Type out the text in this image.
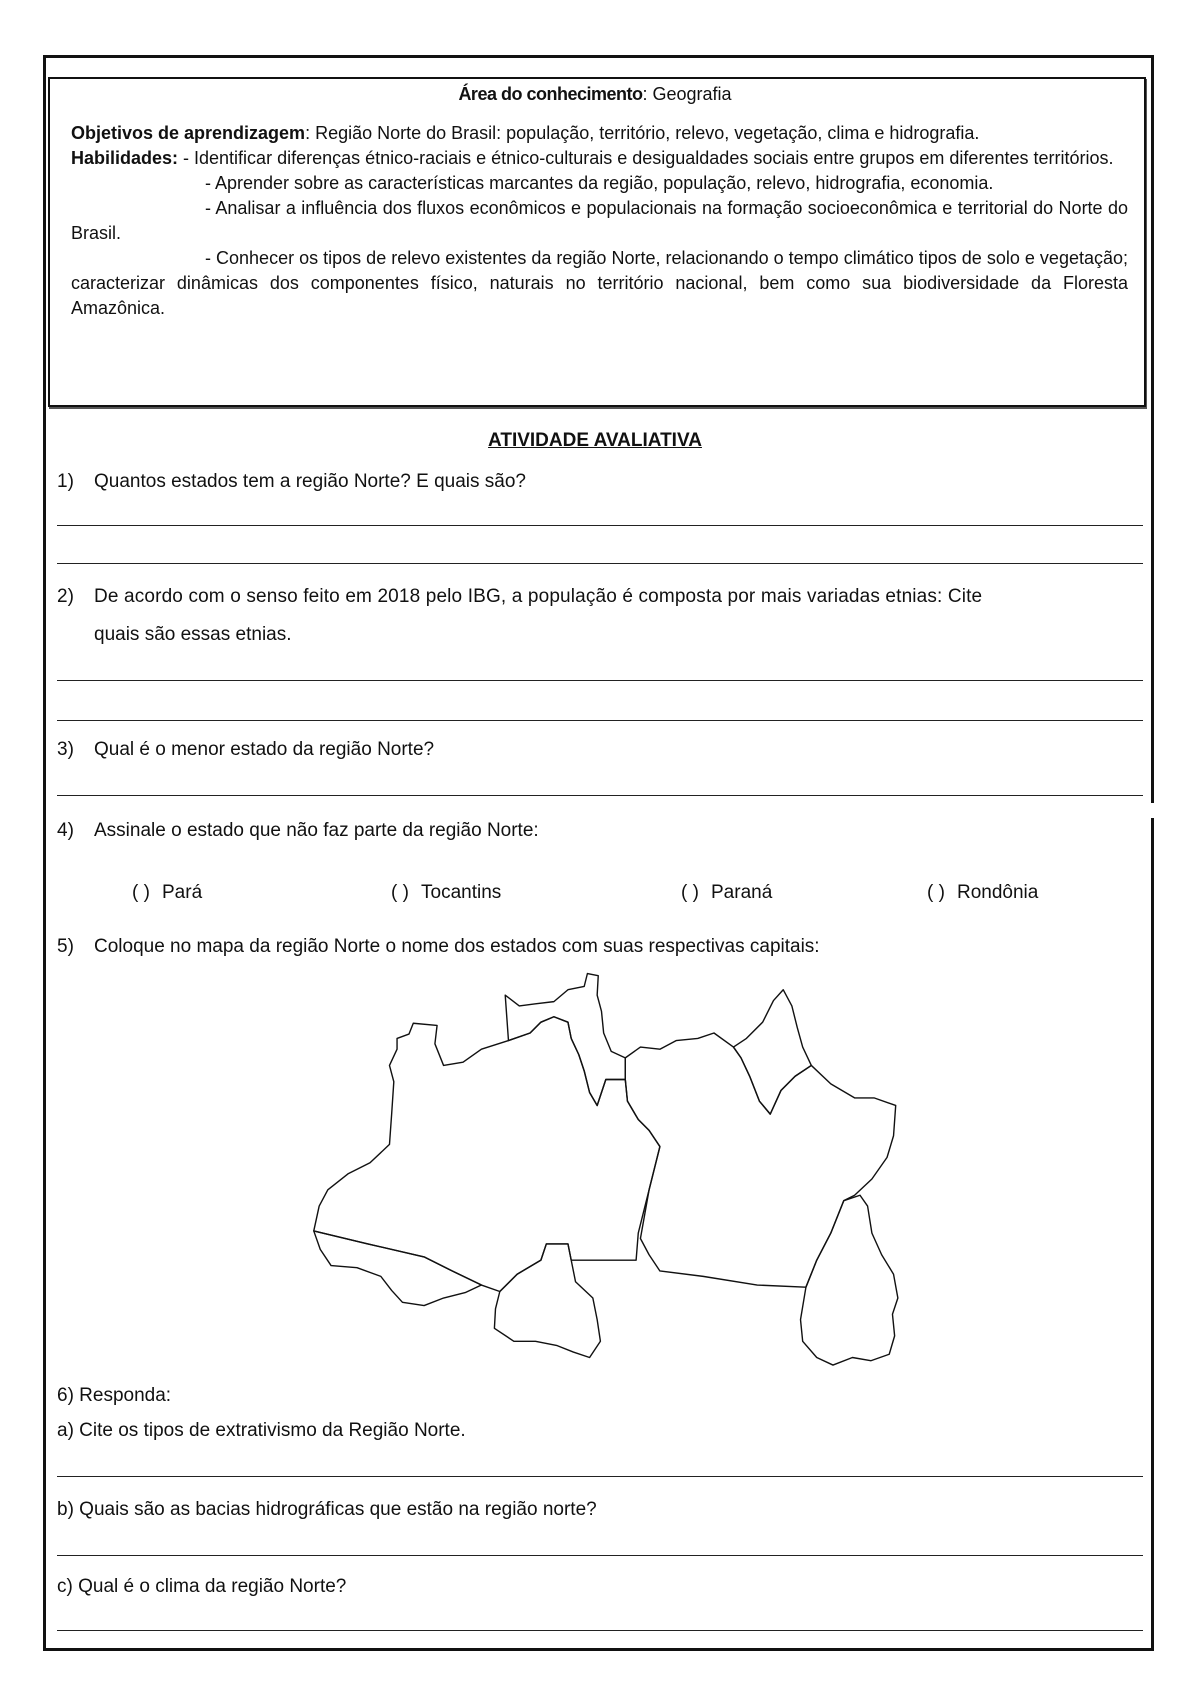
Área do conhecimento: Geografia

Objetivos de aprendizagem: Região Norte do Brasil: população, território, relevo, vegetação, clima e hidrografia.

Habilidades: - Identificar diferenças étnico-raciais e étnico-culturais e desigualdades sociais entre grupos em diferentes territórios.

- Aprender sobre as características marcantes da região, população, relevo, hidrografia, economia.

- Analisar a influência dos fluxos econômicos e populacionais na formação socioeconômica e territorial do Norte do Brasil.

- Conhecer os tipos de relevo existentes da região Norte, relacionando o tempo climático tipos de solo e vegetação; caracterizar dinâmicas dos componentes físico, naturais no território nacional, bem como sua biodiversidade da Floresta Amazônica.

ATIVIDADE AVALIATIVA
1) Quantos estados tem a região Norte? E quais são?
2) De acordo com o senso feito em 2018 pelo IBG, a população é composta por mais variadas etnias: Cite
quais são essas etnias.
3) Qual é o menor estado da região Norte?
4) Assinale o estado que não faz parte da região Norte:
( ) Pará	( ) Tocantins	( ) Paraná	( ) Rondônia
5) Coloque no mapa da região Norte o nome dos estados com suas respectivas capitais:
6) Responda:
a) Cite os tipos de extrativismo da Região Norte.
b) Quais são as bacias hidrográficas que estão na região norte?
c) Qual é o clima da região Norte?
